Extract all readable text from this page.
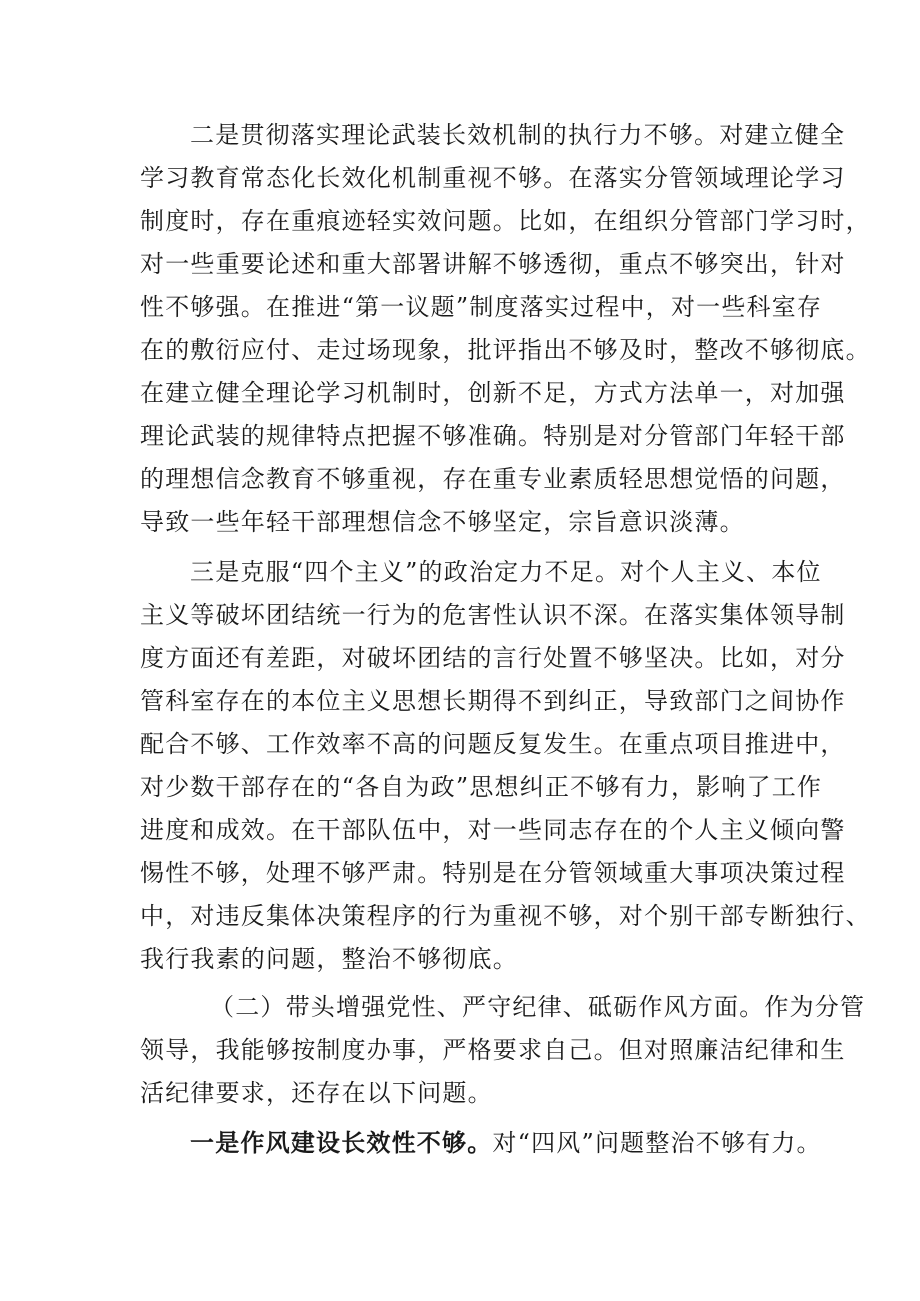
二是贯彻落实理论武装长效机制的执行力不够。对建立健全
学习教育常态化长效化机制重视不够。在落实分管领域理论学习
制度时，存在重痕迹轻实效问题。比如，在组织分管部门学习时，
对一些重要论述和重大部署讲解不够透彻，重点不够突出，针对
性不够强。在推进“第一议题”制度落实过程中，对一些科室存
在的敷衍应付、走过场现象，批评指出不够及时，整改不够彻底。
在建立健全理论学习机制时，创新不足，方式方法单一，对加强
理论武装的规律特点把握不够准确。特别是对分管部门年轻干部
的理想信念教育不够重视，存在重专业素质轻思想觉悟的问题，
导致一些年轻干部理想信念不够坚定，宗旨意识淡薄。
三是克服“四个主义”的政治定力不足。对个人主义、本位
主义等破坏团结统一行为的危害性认识不深。在落实集体领导制
度方面还有差距，对破坏团结的言行处置不够坚决。比如，对分
管科室存在的本位主义思想长期得不到纠正，导致部门之间协作
配合不够、工作效率不高的问题反复发生。在重点项目推进中，
对少数干部存在的“各自为政”思想纠正不够有力，影响了工作
进度和成效。在干部队伍中，对一些同志存在的个人主义倾向警
惕性不够，处理不够严肃。特别是在分管领域重大事项决策过程
中，对违反集体决策程序的行为重视不够，对个别干部专断独行、
我行我素的问题，整治不够彻底。
（二）带头增强党性、严守纪律、砥砺作风方面。作为分管
领导，我能够按制度办事，严格要求自己。但对照廉洁纪律和生
活纪律要求，还存在以下问题。
一是作风建设长效性不够。对“四风”问题整治不够有力。
